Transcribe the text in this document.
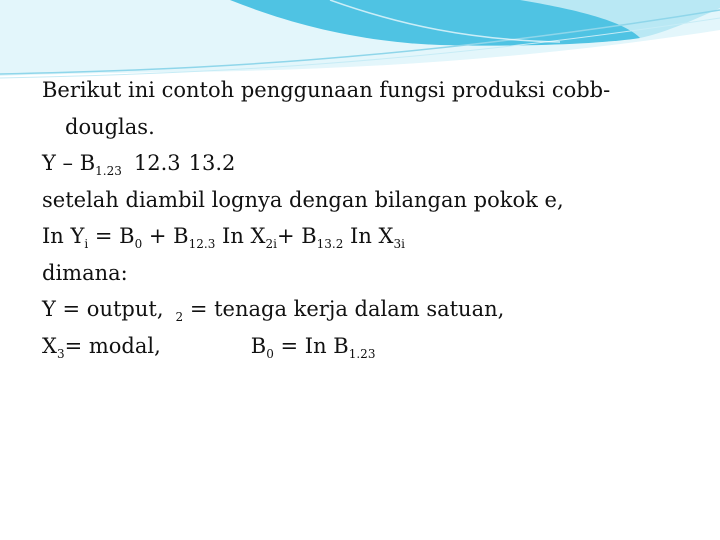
Berikut ini contoh penggunaan fungsi produksi cobb-
douglas.
Y – $B_{1.23}$ 12.3 13.2
setelah diambil lognya dengan bilangan pokok e,
In $Y_i = B_0 + B_{12.3}$ In $X_{2i}+ B_{13.2}$ In $X_{3i}$
dimana:
Y = output, $_2$ = tenaga kerja dalam satuan,
$X_3=$ modal,	$B_0 = In$ $B_{1.23}$
